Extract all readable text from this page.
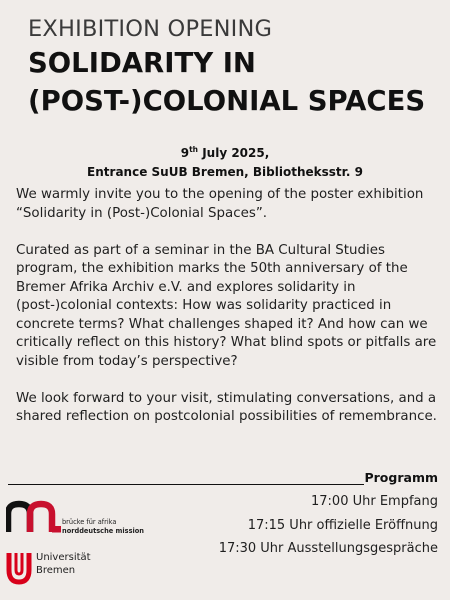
EXHIBITION OPENING
SOLIDARITY IN
(POST-)COLONIAL SPACES
9th July 2025,
Entrance SuUB Bremen, Bibliotheksstr. 9

We warmly invite you to the opening of the poster exhibition “Solidarity in (Post-)Colonial Spaces”.

Curated as part of a seminar in the BA Cultural Studies program, the exhibition marks the 50th anniversary of the Bremer Afrika Archiv e.V. and explores solidarity in (post-)colonial contexts: How was solidarity practiced in concrete terms? What challenges shaped it? And how can we critically reflect on this history? What blind spots or pitfalls are visible from today’s perspective?

We look forward to your visit, stimulating conversations, and a shared reflection on postcolonial possibilities of remembrance.

Programm
17:00 Uhr Empfang
17:15 Uhr offizielle Eröffnung
17:30 Uhr Ausstellungsgespräche
brücke für afrika
norddeutsche mission
Universität
Bremen
